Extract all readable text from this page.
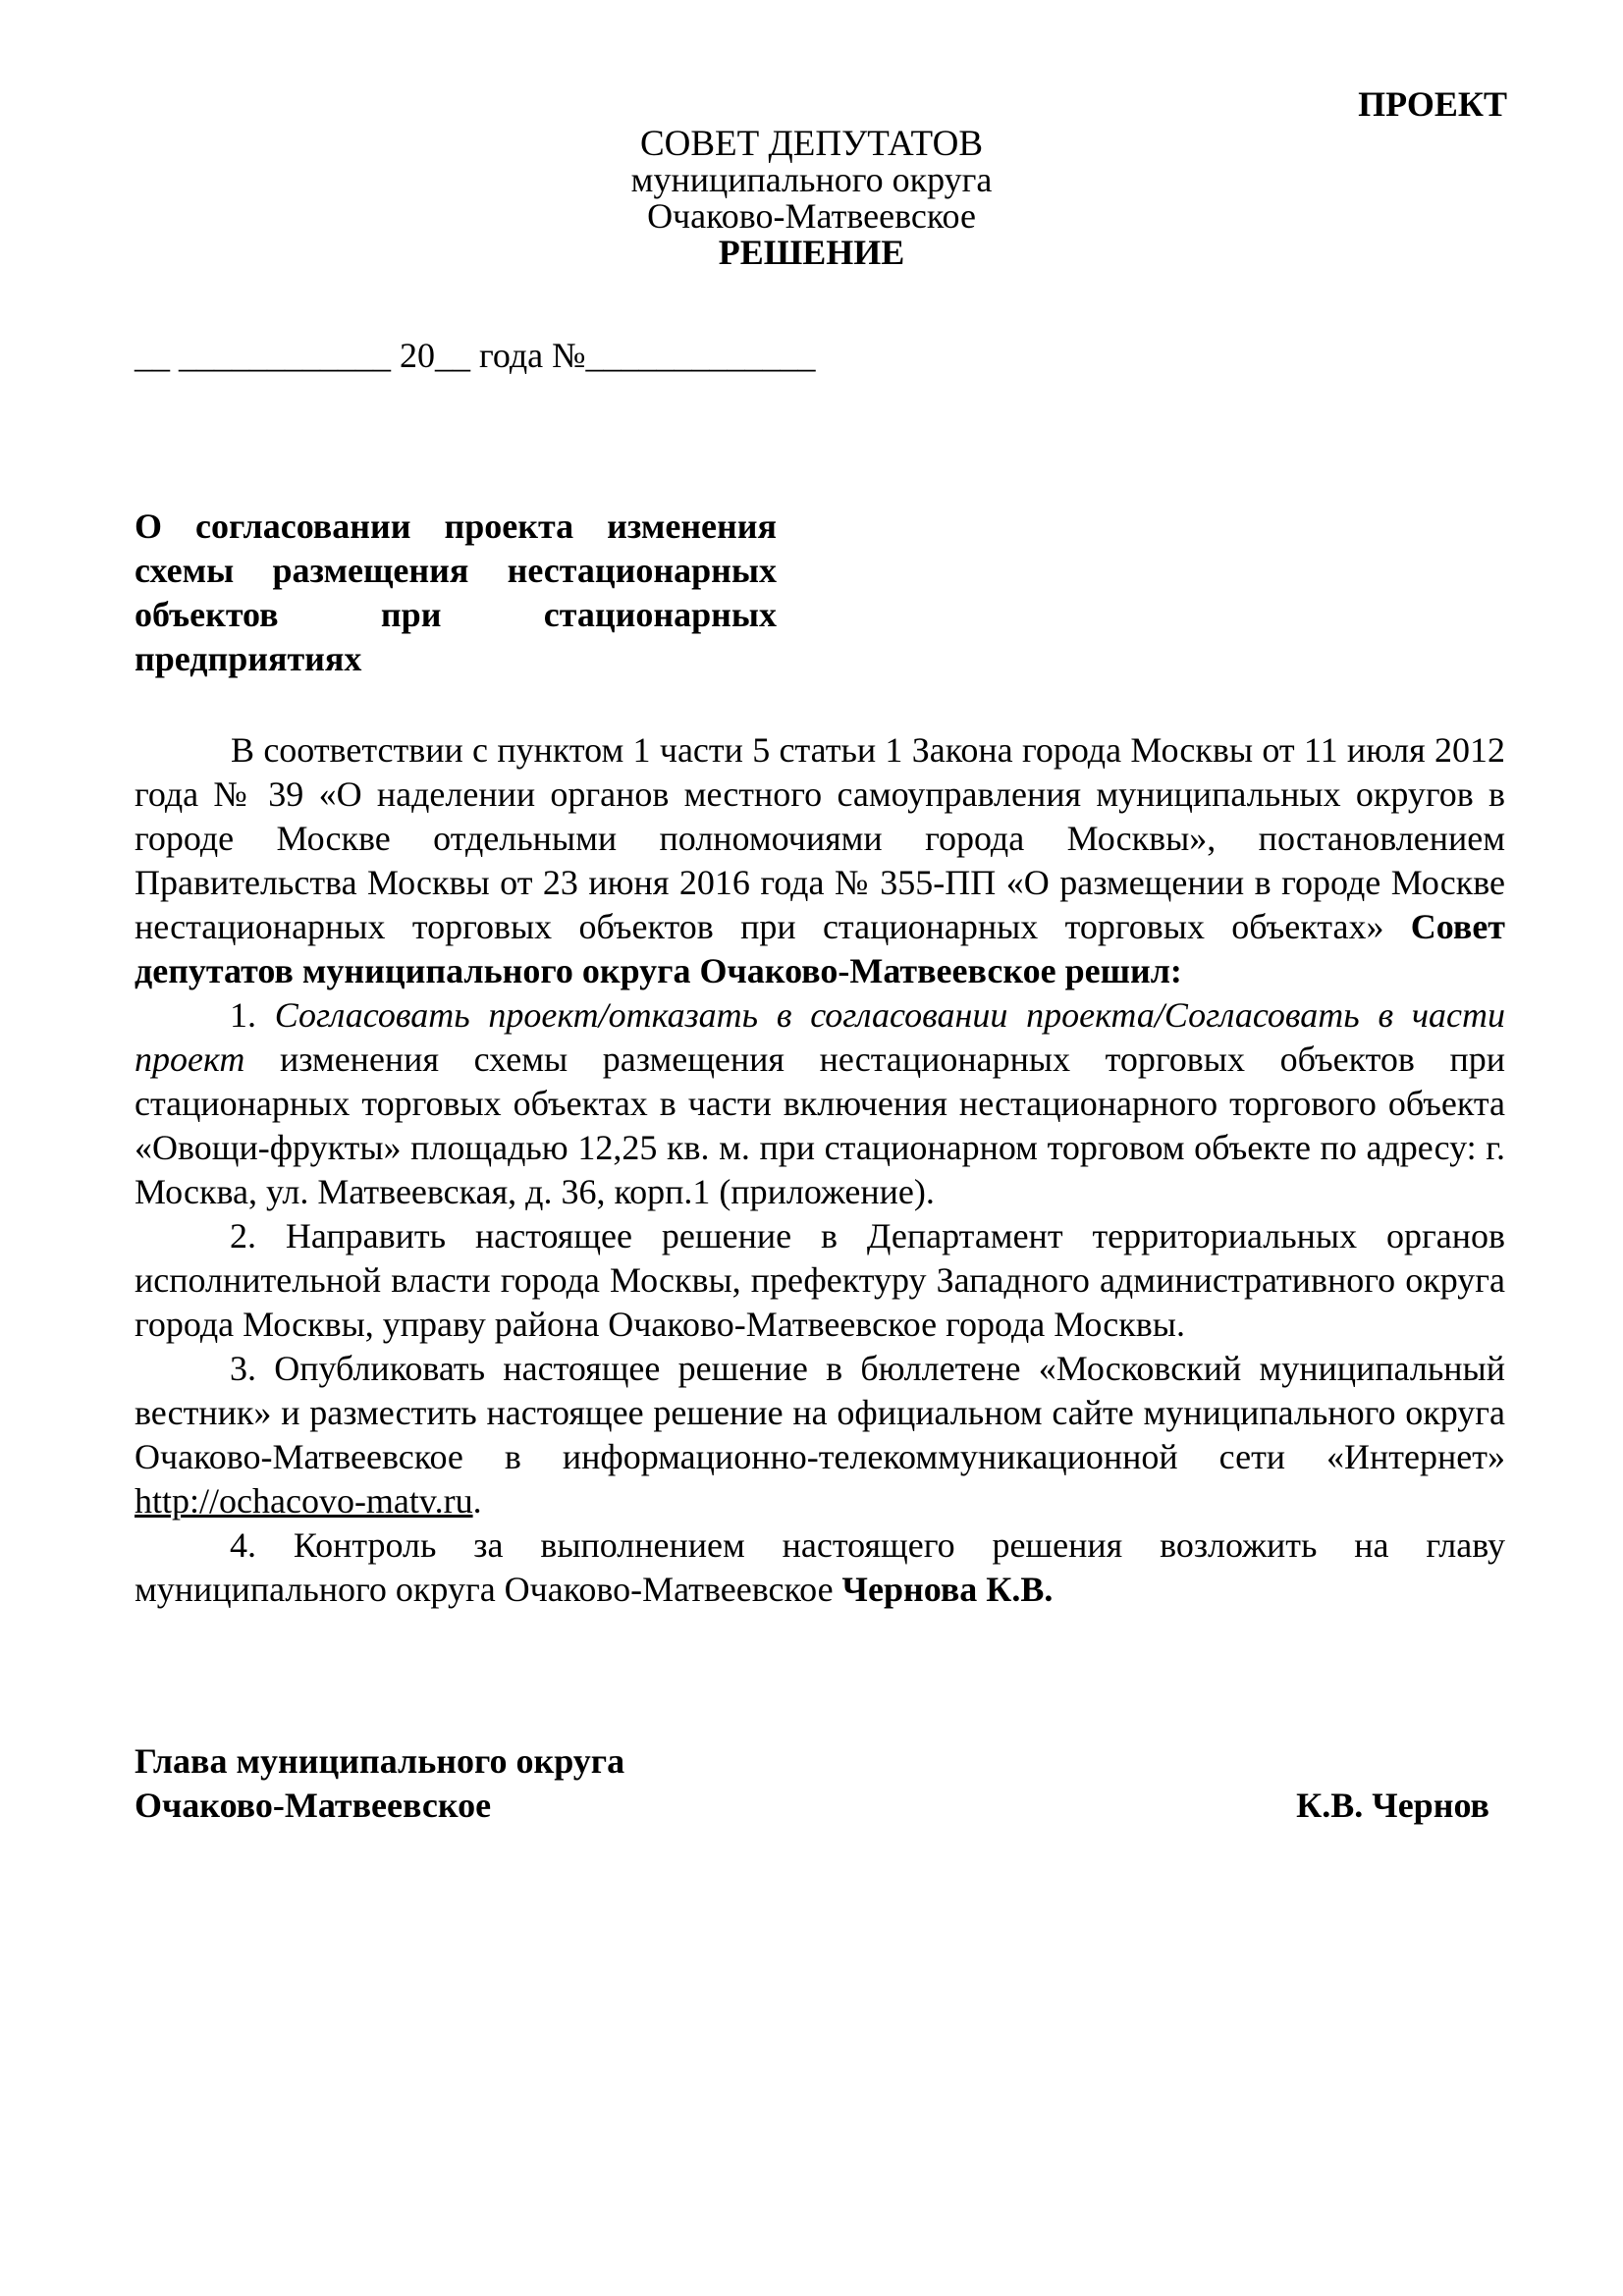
ПРОЕКТ
СОВЕТ ДЕПУТАТОВ
муниципального округа
Очаково-Матвеевское
РЕШЕНИЕ
__ ____________ 20__ года №_____________
О согласовании проекта изменения
схемы размещения нестационарных
объектов при стационарных
предприятиях

В соответствии с пунктом 1 части 5 статьи 1 Закона города Москвы от 11 июля 2012 года № 39 «О наделении органов местного самоуправления муниципальных округов в городе Москве отдельными полномочиями города Москвы», постановлением Правительства Москвы от 23 июня 2016 года № 355-ПП «О размещении в городе Москве нестационарных торговых объектов при стационарных торговых объектах» Совет депутатов муниципального округа Очаково-Матвеевское решил:

1. Согласовать проект/отказать в согласовании проекта/Согласовать в части проект изменения схемы размещения нестационарных торговых объектов при стационарных торговых объектах в части включения нестационарного торгового объекта «Овощи-фрукты» площадью 12,25 кв. м. при стационарном торговом объекте по адресу: г. Москва, ул. Матвеевская, д. 36, корп.1 (приложение).

2. Направить настоящее решение в Департамент территориальных органов исполнительной власти города Москвы, префектуру Западного административного округа города Москвы, управу района Очаково-Матвеевское города Москвы.

3. Опубликовать настоящее решение в бюллетене «Московский муниципальный вестник» и разместить настоящее решение на официальном сайте муниципального округа Очаково-Матвеевское в информационно-телекоммуникационной сети «Интернет» http://ochacovo-matv.ru.

4. Контроль за выполнением настоящего решения возложить на главу муниципального округа Очаково-Матвеевское Чернова К.В.

Глава муниципального округа
Очаково-Матвеевское	К.В. Чернов
